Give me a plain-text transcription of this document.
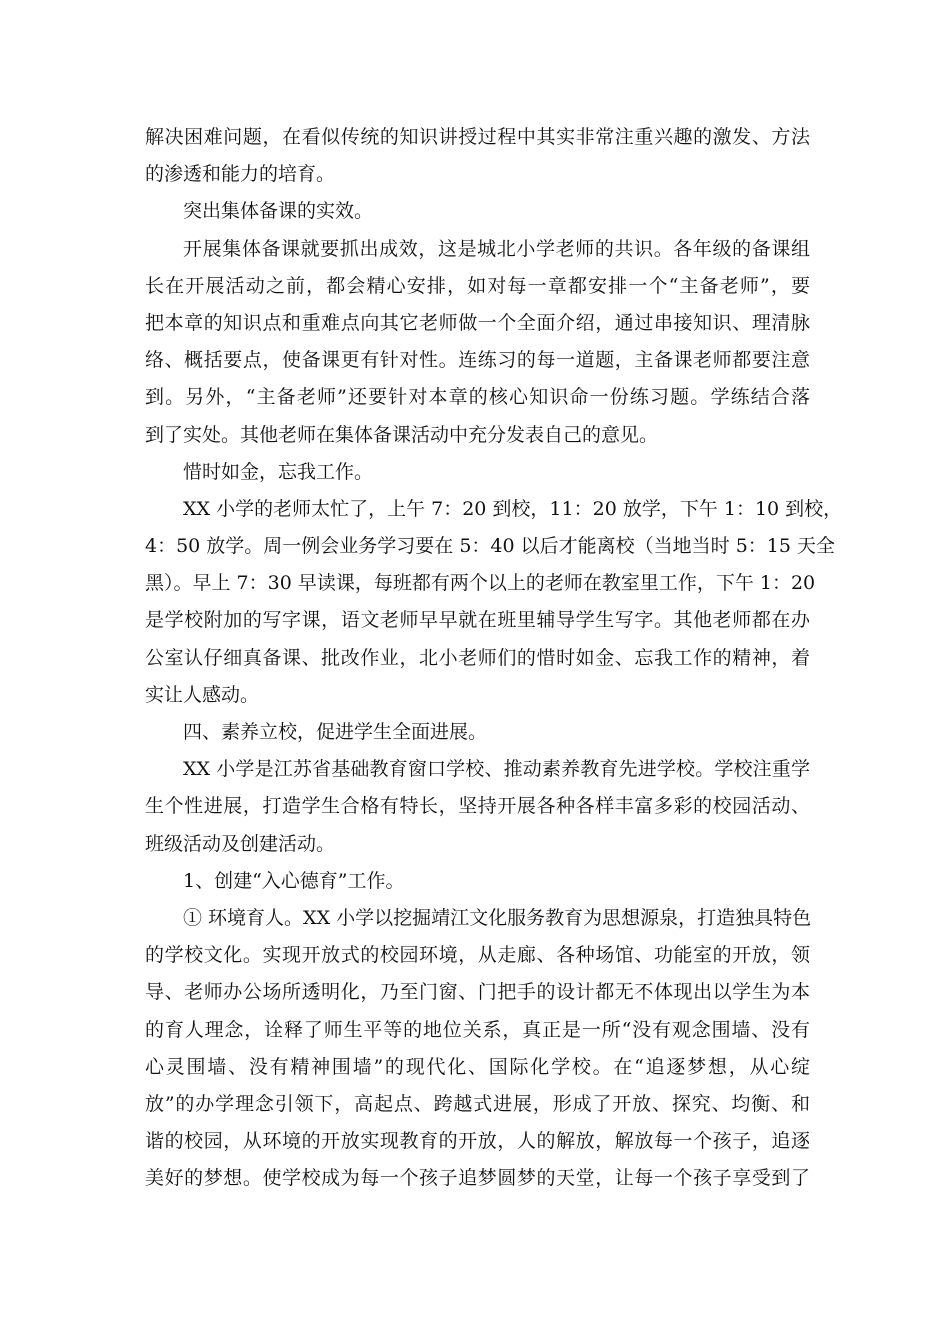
解决困难问题，在看似传统的知识讲授过程中其实非常注重兴趣的激发、方法
的渗透和能力的培育。
突出集体备课的实效。
开展集体备课就要抓出成效，这是城北小学老师的共识。各年级的备课组
长在开展活动之前，都会精心安排，如对每一章都安排一个“主备老师”，要
把本章的知识点和重难点向其它老师做一个全面介绍，通过串接知识、理清脉
络、概括要点，使备课更有针对性。连练习的每一道题，主备课老师都要注意
到。另外，“主备老师”还要针对本章的核心知识命一份练习题。学练结合落
到了实处。其他老师在集体备课活动中充分发表自己的意见。
惜时如金，忘我工作。
XX 小学的老师太忙了，上午 7：20 到校，11：20 放学，下午 1：10 到校，
4：50 放学。周一例会业务学习要在 5：40 以后才能离校（当地当时 5：15 天全
黑）。早上 7：30 早读课，每班都有两个以上的老师在教室里工作，下午 1：20
是学校附加的写字课，语文老师早早就在班里辅导学生写字。其他老师都在办
公室认仔细真备课、批改作业，北小老师们的惜时如金、忘我工作的精神，着
实让人感动。
四、素养立校，促进学生全面进展。
XX 小学是江苏省基础教育窗口学校、推动素养教育先进学校。学校注重学
生个性进展，打造学生合格有特长，坚持开展各种各样丰富多彩的校园活动、
班级活动及创建活动。
1、创建“入心德育”工作。
① 环境育人。XX 小学以挖掘靖江文化服务教育为思想源泉，打造独具特色
的学校文化。实现开放式的校园环境，从走廊、各种场馆、功能室的开放，领
导、老师办公场所透明化，乃至门窗、门把手的设计都无不体现出以学生为本
的育人理念，诠释了师生平等的地位关系，真正是一所“没有观念围墙、没有
心灵围墙、没有精神围墙”的现代化、国际化学校。在“追逐梦想，从心绽
放”的办学理念引领下，高起点、跨越式进展，形成了开放、探究、均衡、和
谐的校园，从环境的开放实现教育的开放，人的解放，解放每一个孩子，追逐
美好的梦想。使学校成为每一个孩子追梦圆梦的天堂，让每一个孩子享受到了
